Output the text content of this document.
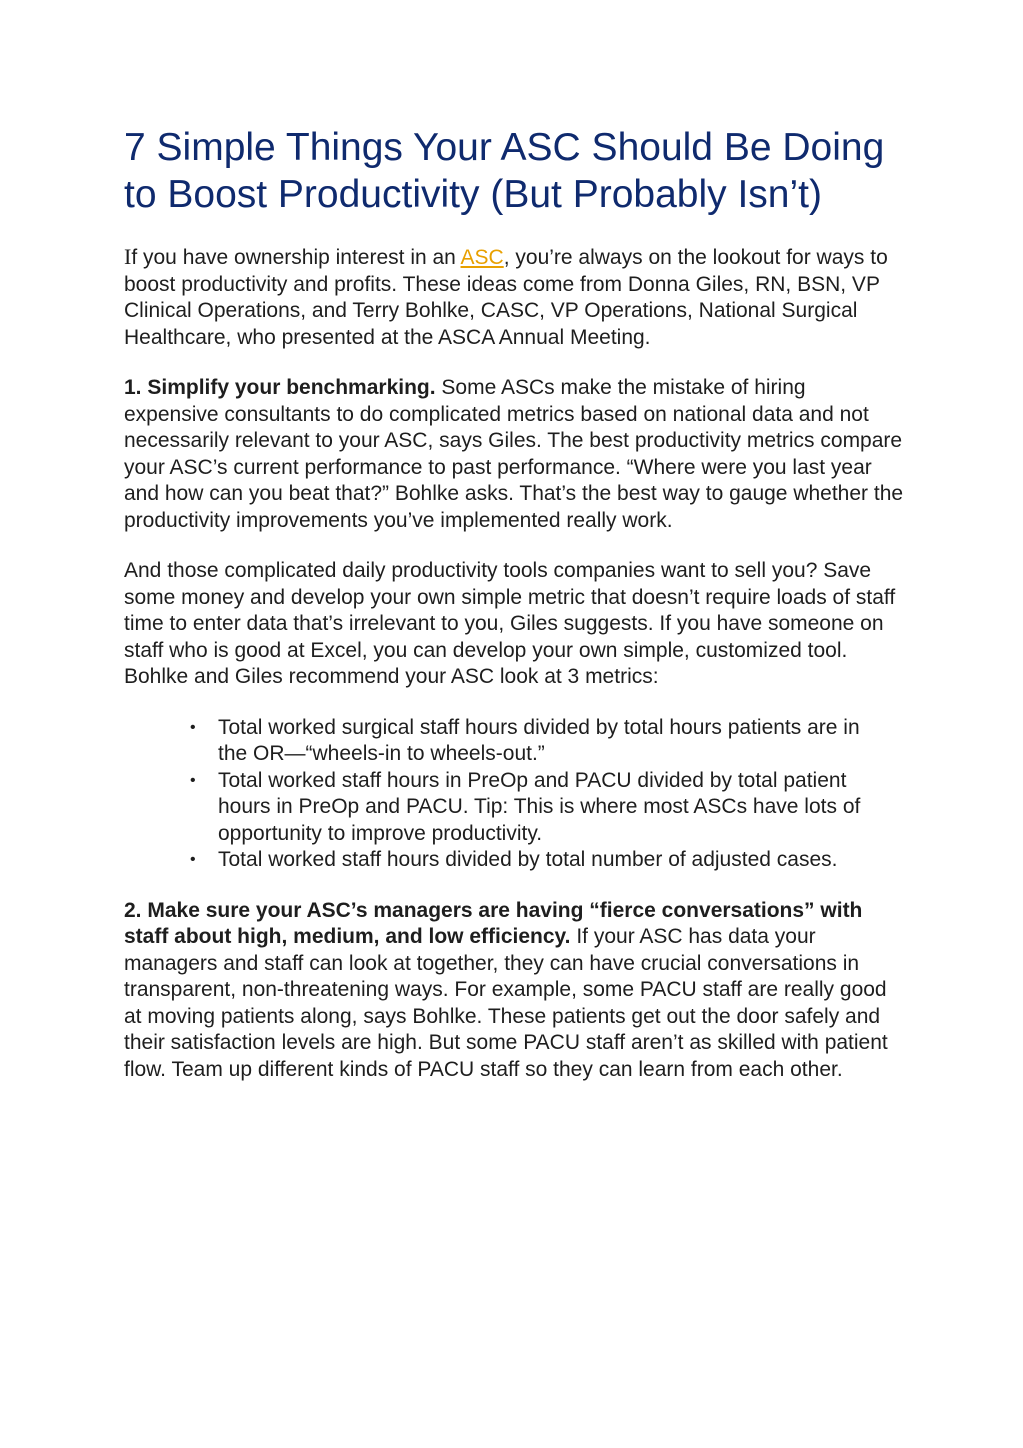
7 Simple Things Your ASC Should Be Doing to Boost Productivity (But Probably Isn’t)

If you have ownership interest in an ASC, you’re always on the lookout for ways to boost productivity and profits. These ideas come from Donna Giles, RN, BSN, VP Clinical Operations, and Terry Bohlke, CASC, VP Operations, National Surgical Healthcare, who presented at the ASCA Annual Meeting.

1. Simplify your benchmarking. Some ASCs make the mistake of hiring expensive consultants to do complicated metrics based on national data and not necessarily relevant to your ASC, says Giles. The best productivity metrics compare your ASC’s current performance to past performance. “Where were you last year and how can you beat that?” Bohlke asks. That’s the best way to gauge whether the productivity improvements you’ve implemented really work.

And those complicated daily productivity tools companies want to sell you? Save some money and develop your own simple metric that doesn’t require loads of staff time to enter data that’s irrelevant to you, Giles suggests. If you have someone on staff who is good at Excel, you can develop your own simple, customized tool. Bohlke and Giles recommend your ASC look at 3 metrics:

• Total worked surgical staff hours divided by total hours patients are in the OR—“wheels-in to wheels-out.”
• Total worked staff hours in PreOp and PACU divided by total patient hours in PreOp and PACU. Tip: This is where most ASCs have lots of opportunity to improve productivity.
• Total worked staff hours divided by total number of adjusted cases.

2. Make sure your ASC’s managers are having “fierce conversations” with staff about high, medium, and low efficiency. If your ASC has data your managers and staff can look at together, they can have crucial conversations in transparent, non-threatening ways. For example, some PACU staff are really good at moving patients along, says Bohlke. These patients get out the door safely and their satisfaction levels are high. But some PACU staff aren’t as skilled with patient flow. Team up different kinds of PACU staff so they can learn from each other.
